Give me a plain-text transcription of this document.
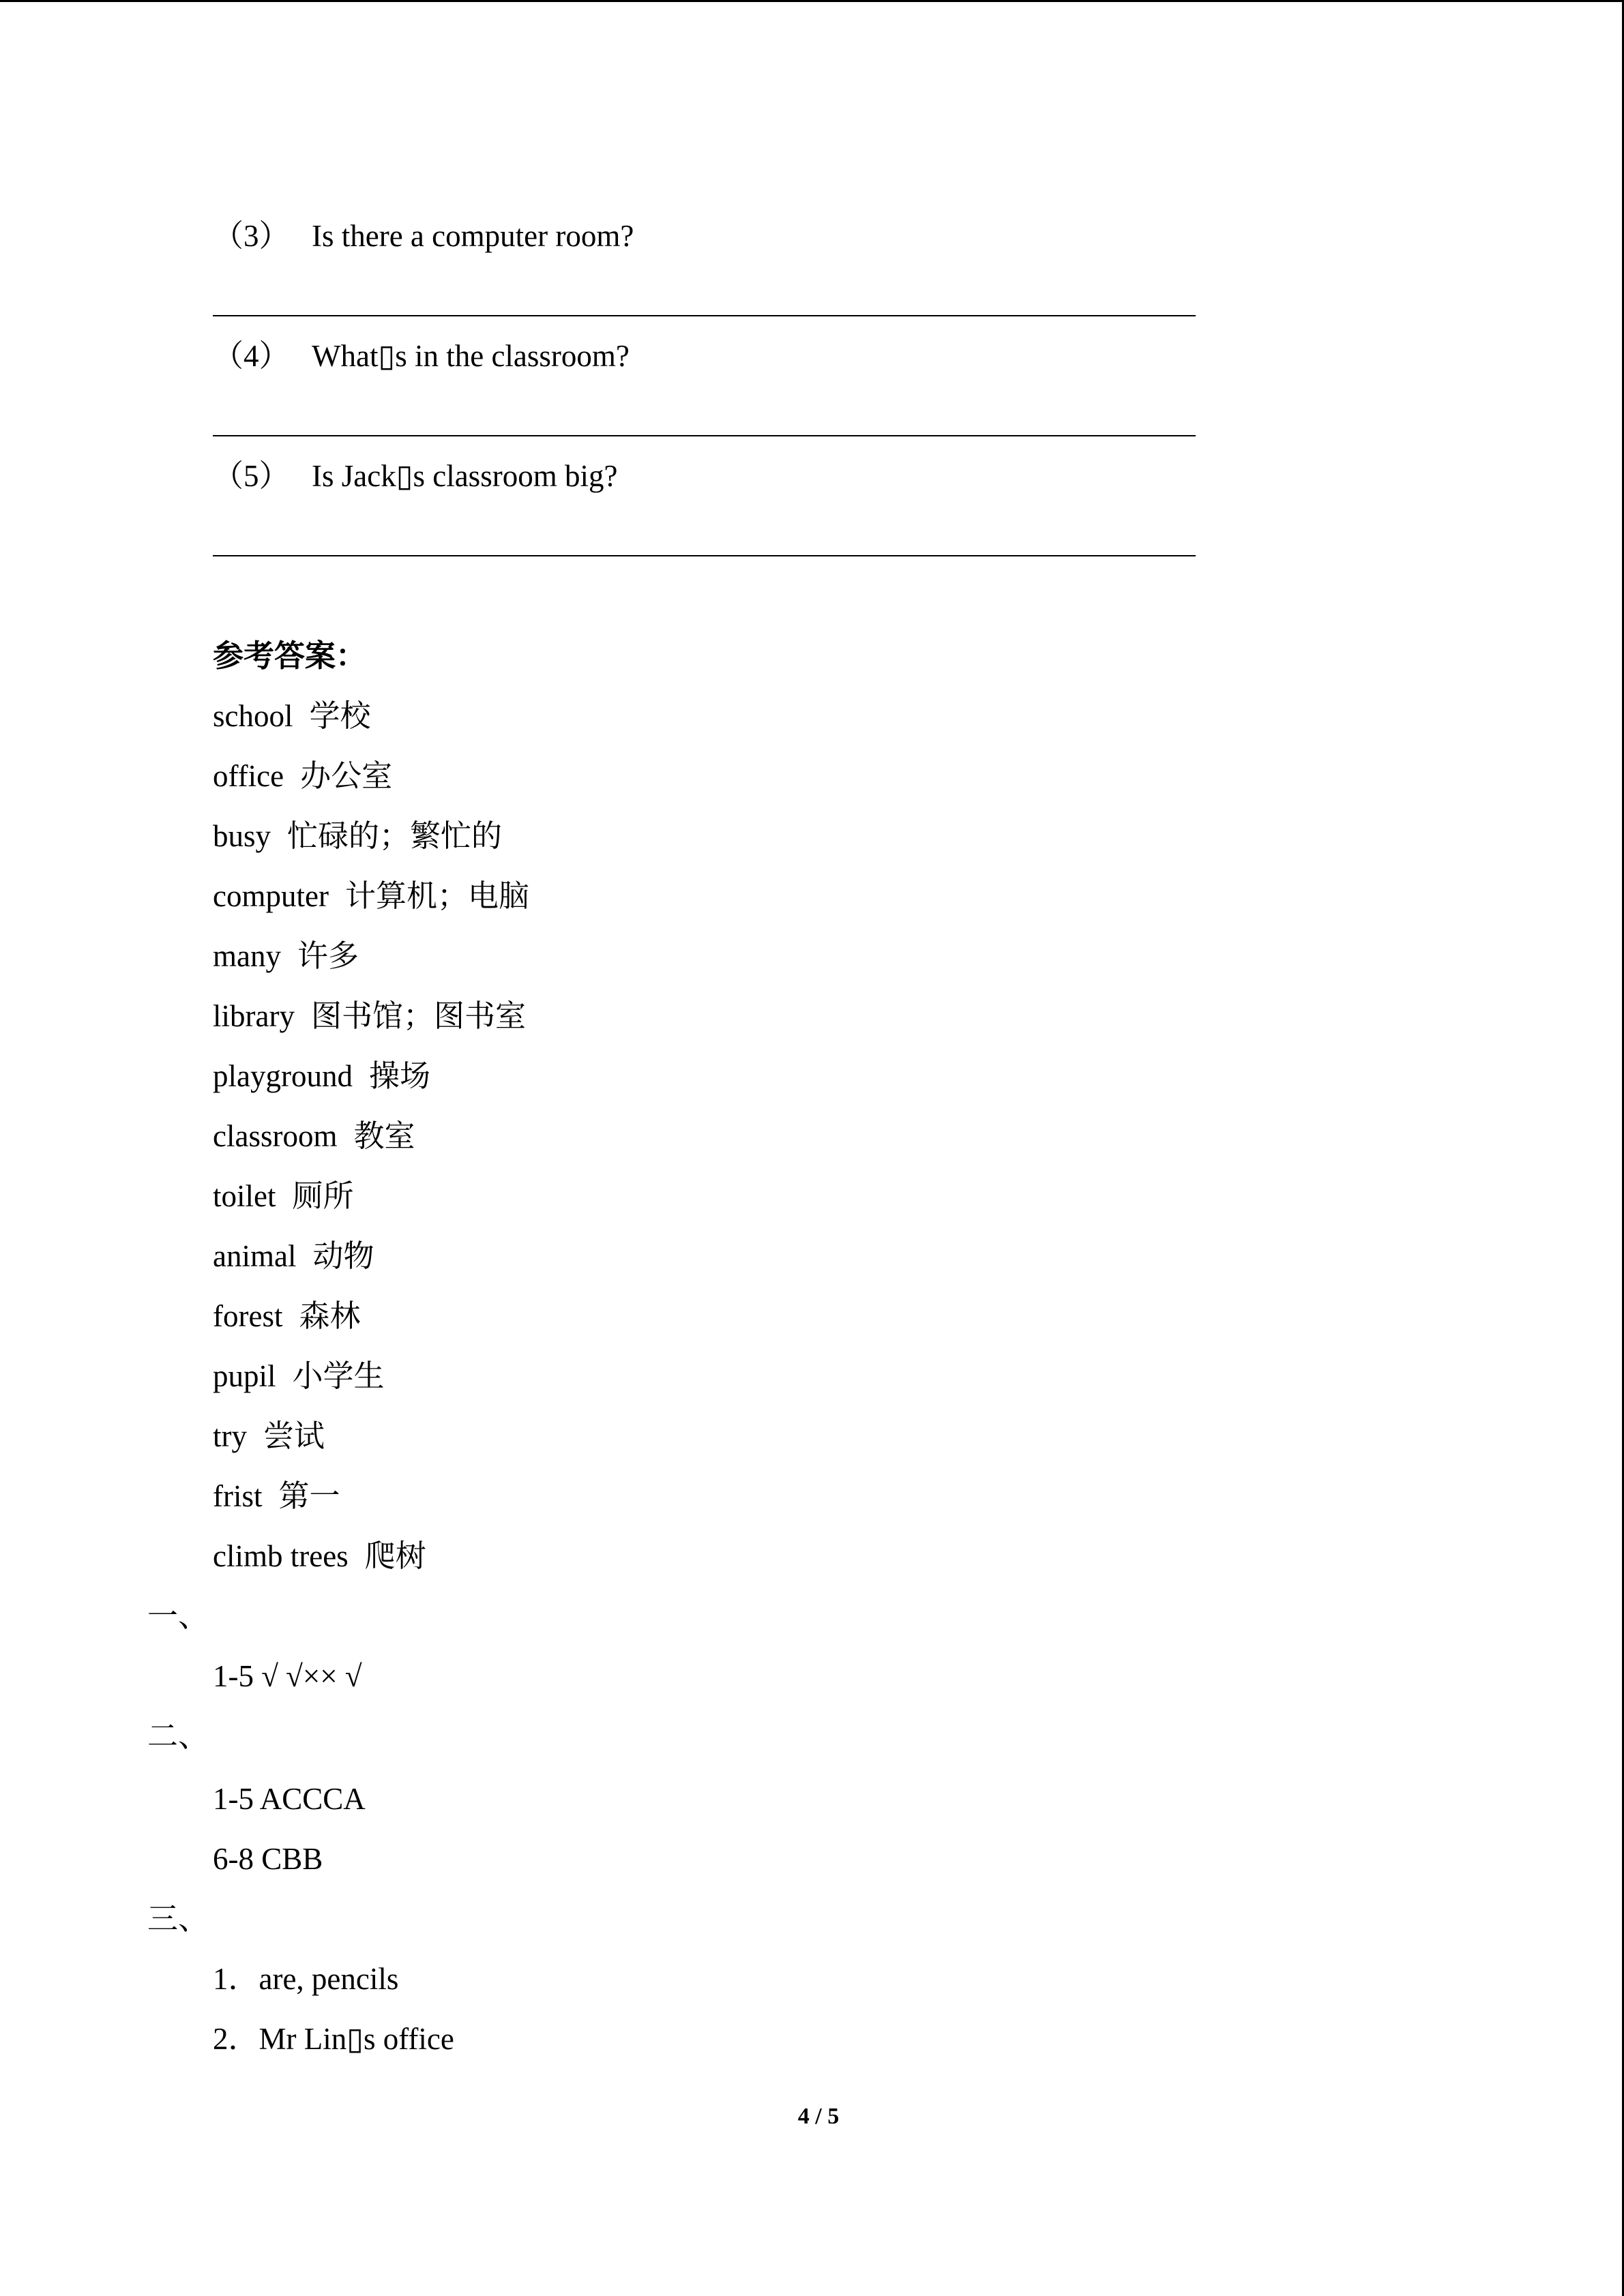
（3） Is there a computer room?
（4） What▯s in the classroom?
（5） Is Jack▯s classroom big?
参考答案：
school 学校
office 办公室
busy 忙碌的；繁忙的
computer 计算机；电脑
many 许多
library 图书馆；图书室
playground 操场
classroom 教室
toilet 厕所
animal 动物
forest 森林
pupil 小学生
try 尝试
frist 第一
climb trees 爬树
一、
1-5 √ √×× √
二、
1-5 ACCCA
6-8 CBB
三、
1．are, pencils
2．Mr Lin▯s office
4 / 5
